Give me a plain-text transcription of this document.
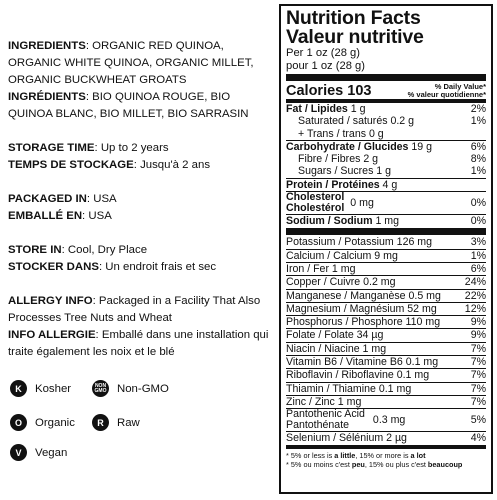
INGREDIENTS: ORGANIC RED QUINOA, ORGANIC WHITE QUINOA, ORGANIC MILLET, ORGANIC BUCKWHEAT GROATS

INGRÉDIENTS: BIO QUINOA ROUGE, BIO QUINOA BLANC, BIO MILLET, BIO SARRASIN

STORAGE TIME: Up to 2 years

TEMPS DE STOCKAGE: Jusqu'à 2 ans

PACKAGED IN: USA

EMBALLÉ EN: USA

STORE IN: Cool, Dry Place

STOCKER DANS: Un endroit frais et sec

ALLERGY INFO: Packaged in a Facility That Also Processes Tree Nuts and Wheat

INFO ALLERGIE: Emballé dans une installation qui traite également les noix et le blé

K	Kosher	NON GMO Non-GMO
O	Organic	R	Raw
V	Vegan
Nutrition Facts
Valeur nutritive
Per 1 oz (28 g)
pour 1 oz (28 g)
Calories 103	% Daily Value*
% valeur quotidienne*
Fat / Lipides 1 g	2%
Saturated / saturés 0.2 g	1%
+ Trans / trans 0 g
Carbohydrate / Glucides 19 g	6%
Fibre / Fibres 2 g	8%
Sugars / Sucres 1 g	1%
Protein / Protéines 4 g
Cholesterol
Cholestérol 0 mg	0%
Sodium / Sodium 1 mg	0%
Potassium / Potassium 126 mg	3%
Calcium / Calcium 9 mg	1%
Iron / Fer 1 mg	6%
Copper / Cuivre 0.2 mg	24%
Manganese / Manganèse 0.5 mg 22%
Magnesium / Magnésium 52 mg	12%
Phosphorus / Phosphore 110 mg	9%
Folate / Folate 34 µg	9%
Niacin / Niacine 1 mg	7%
Vitamin B6 / Vitamine B6 0.1 mg	7%
Riboflavin / Riboflavine 0.1 mg	7%
Thiamin / Thiamine 0.1 mg	7%
Zinc / Zinc 1 mg	7%
Pantothenic Acid
Pantothénate	0.3 mg	5%
Selenium / Sélénium 2 µg	4%
* 5% or less is a little, 15% or more is a lot
* 5% ou moins c'est peu, 15% ou plus c'est beaucoup
